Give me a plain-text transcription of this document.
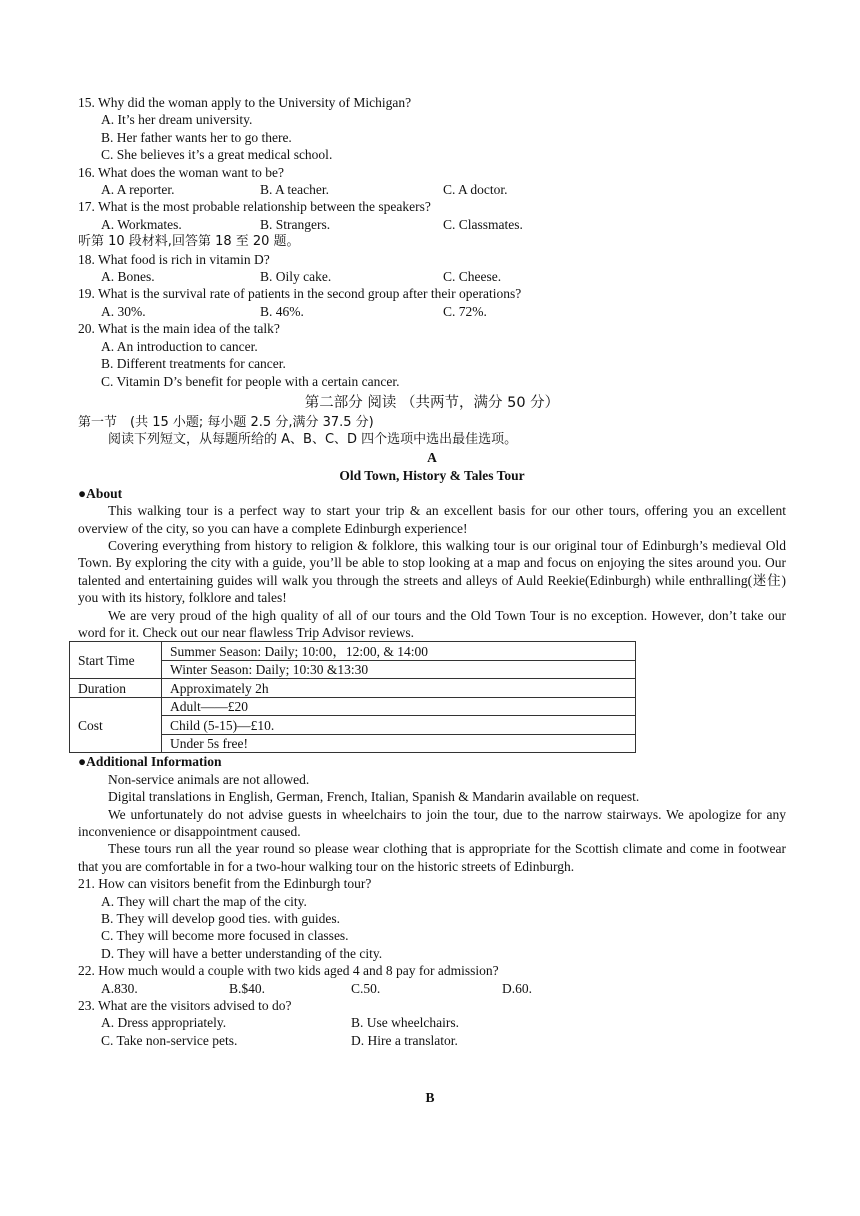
15. Why did the woman apply to the University of Michigan?
A. It’s her dream university.
B. Her father wants her to go there.
C. She believes it’s a great medical school.
16. What does the woman want to be?
A. A reporter.	B. A teacher.	C. A doctor.
17. What is the most probable relationship between the speakers?
A. Workmates.	B. Strangers.	C. Classmates.
听第 10 段材料,回答第 18 至 20 题。
18. What food is rich in vitamin D?
A. Bones.	B. Oily cake.	C. Cheese.
19. What is the survival rate of patients in the second group after their operations?
A. 30%.	B. 46%.	C. 72%.
20. What is the main idea of the talk?
A. An introduction to cancer.
B. Different treatments for cancer.
C. Vitamin D’s benefit for people with a certain cancer.
第二部分 阅读 （共两节，满分 50 分）
第一节　(共 15 小题; 每小题 2.5 分,满分 37.5 分)
阅读下列短文，从每题所给的 A、B、C、D 四个选项中选出最佳选项。
A
Old Town, History & Tales Tour
●About
This walking tour is a perfect way to start your trip & an excellent basis for our other tours, offering you an excellent overview of the city, so you can have a complete Edinburgh experience!
Covering everything from history to religion & folklore, this walking tour is our original tour of Edinburgh’s medieval Old Town. By exploring the city with a guide, you’ll be able to stop looking at a map and focus on enjoying the sites around you. Our talented and entertaining guides will walk you through the streets and alleys of Auld Reekie(Edinburgh) while enthralling(迷住) you with its history, folklore and tales!
We are very proud of the high quality of all of our tours and the Old Town Tour is no exception. However, don’t take our word for it. Check out our near flawless Trip Advisor reviews.
Start Time	Summer Season: Daily; 10:00，12:00, & 14:00
	Winter Season: Daily; 10:30 &13:30
Duration	Approximately 2h
Cost	Adult——£20
	Child (5-15)—£10.
	Under 5s free!
●Additional Information
Non-service animals are not allowed.
Digital translations in English, German, French, Italian, Spanish & Mandarin available on request.
We unfortunately do not advise guests in wheelchairs to join the tour, due to the narrow stairways. We apologize for any inconvenience or disappointment caused.
These tours run all the year round so please wear clothing that is appropriate for the Scottish climate and come in footwear that you are comfortable in for a two-hour walking tour on the historic streets of Edinburgh.
21. How can visitors benefit from the Edinburgh tour?
A. They will chart the map of the city.
B. They will develop good ties. with guides.
C. They will become more focused in classes.
D. They will have a better understanding of the city.
22. How much would a couple with two kids aged 4 and 8 pay for admission?
A.830.	B.$40.	C.50.	D.60.
23. What are the visitors advised to do?
A. Dress appropriately.	B. Use wheelchairs.
C. Take non-service pets.	D. Hire a translator.
B
